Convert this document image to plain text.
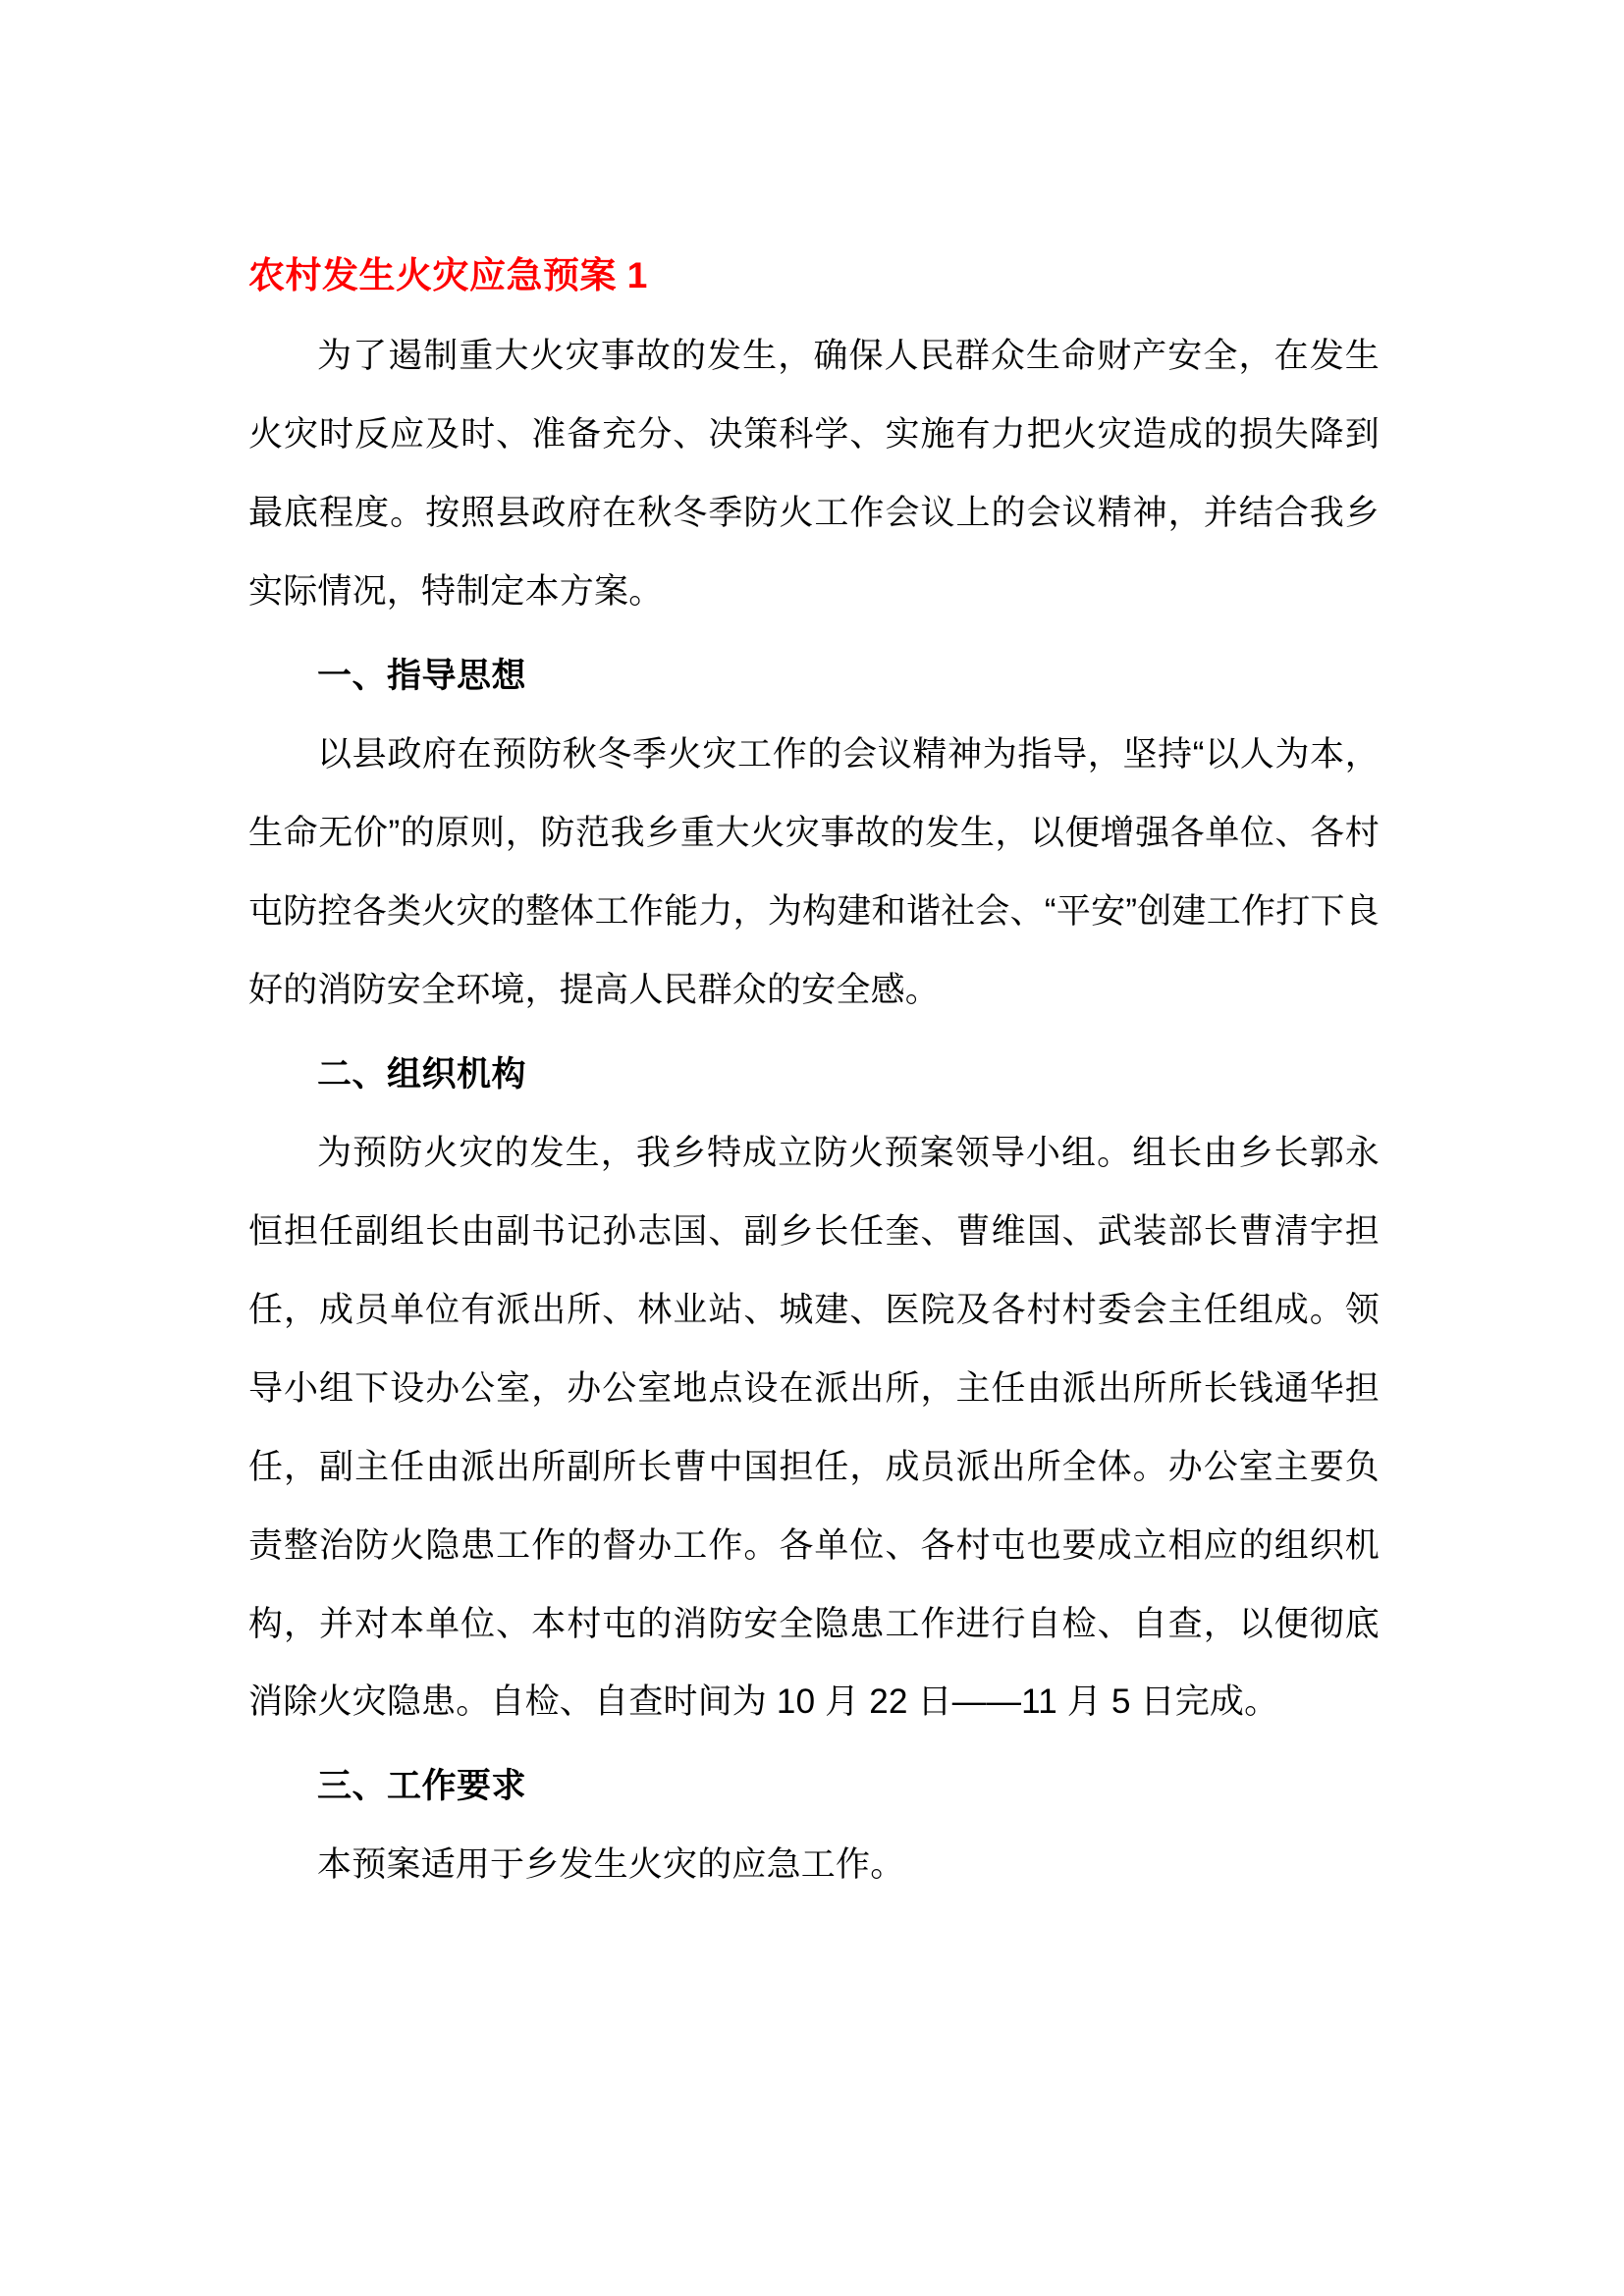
农村发生火灾应急预案 1

为了遏制重大火灾事故的发生，确保人民群众生命财产安全，在发生火灾时反应及时、准备充分、决策科学、实施有力把火灾造成的损失降到最底程度。按照县政府在秋冬季防火工作会议上的会议精神，并结合我乡实际情况，特制定本方案。

一、指导思想

以县政府在预防秋冬季火灾工作的会议精神为指导，坚持“以人为本，生命无价”的原则，防范我乡重大火灾事故的发生，以便增强各单位、各村屯防控各类火灾的整体工作能力，为构建和谐社会、“平安”创建工作打下良好的消防安全环境，提高人民群众的安全感。

二、组织机构

为预防火灾的发生，我乡特成立防火预案领导小组。组长由乡长郭永恒担任副组长由副书记孙志国、副乡长任奎、曹维国、武装部长曹清宇担任，成员单位有派出所、林业站、城建、医院及各村村委会主任组成。领导小组下设办公室，办公室地点设在派出所，主任由派出所所长钱通华担任，副主任由派出所副所长曹中国担任，成员派出所全体。办公室主要负责整治防火隐患工作的督办工作。各单位、各村屯也要成立相应的组织机构，并对本单位、本村屯的消防安全隐患工作进行自检、自查，以便彻底消除火灾隐患。自检、自查时间为 10 月 22 日——11 月 5 日完成。

三、工作要求

本预案适用于乡发生火灾的应急工作。
